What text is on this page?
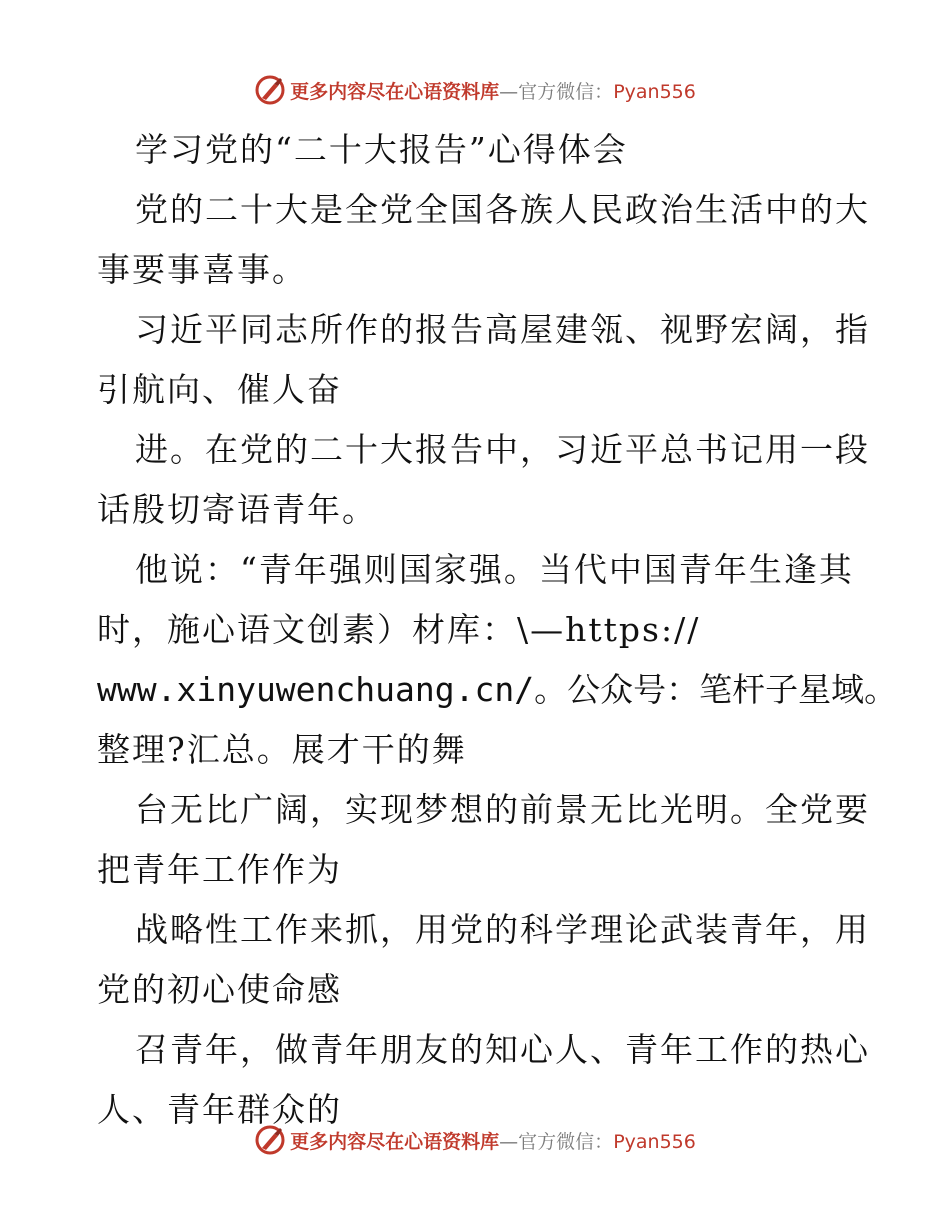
更多内容尽在心语资料库—官方微信：Pyan556
学习党的“二十大报告”心得体会
党的二十大是全党全国各族人民政治生活中的大
事要事喜事。
习近平同志所作的报告高屋建瓴、视野宏阔，指
引航向、催人奋
进。在党的二十大报告中，习近平总书记用一段
话殷切寄语青年。
他说：“青年强则国家强。当代中国青年生逢其
时，施心语文创素）材库：\—https://
www.xinyuwenchuang.cn/。公众号：笔杆子星域。
整理?汇总。展才干的舞
台无比广阔，实现梦想的前景无比光明。全党要
把青年工作作为
战略性工作来抓，用党的科学理论武装青年，用
党的初心使命感
召青年，做青年朋友的知心人、青年工作的热心
人、青年群众的
更多内容尽在心语资料库—官方微信：Pyan556
